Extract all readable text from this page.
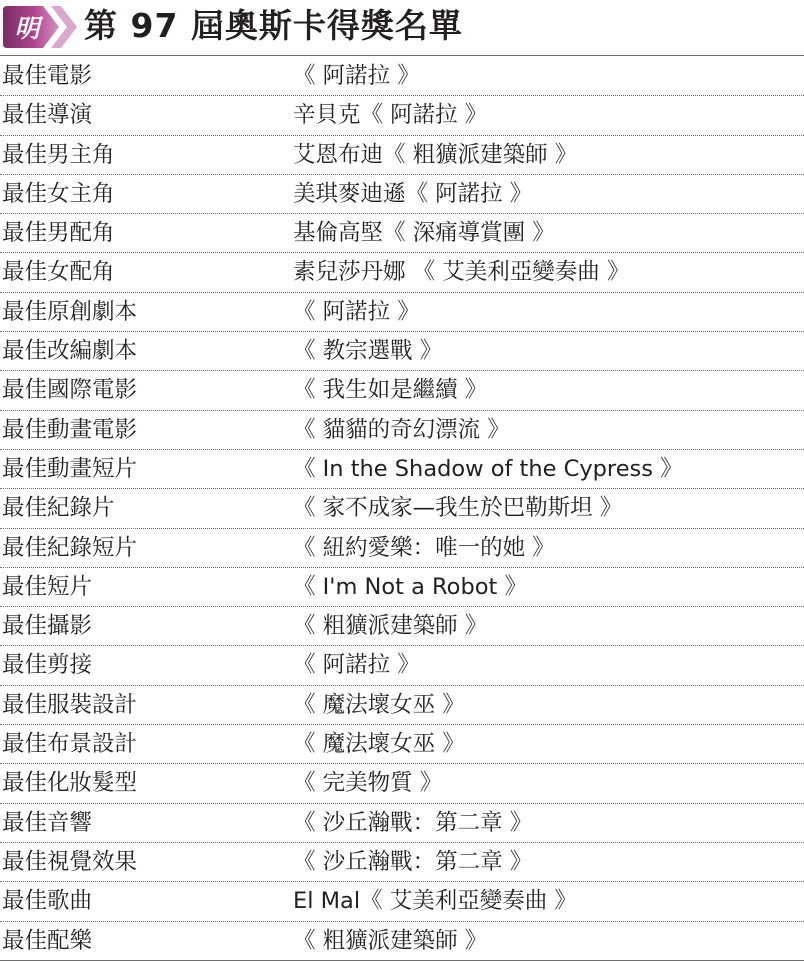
明 第 97 屆奧斯卡得獎名單
最佳電影	《 阿諾拉 》
最佳導演	辛貝克《 阿諾拉 》
最佳男主角	艾恩布迪《 粗獷派建築師 》
最佳女主角	美琪麥迪遜《 阿諾拉 》
最佳男配角	基倫高堅《 深痛導賞團 》
最佳女配角	素兒莎丹娜 《 艾美利亞變奏曲 》
最佳原創劇本	《 阿諾拉 》
最佳改編劇本	《 教宗選戰 》
最佳國際電影	《 我生如是繼續 》
最佳動畫電影	《 貓貓的奇幻漂流 》
最佳動畫短片	《 In the Shadow of the Cypress 》
最佳紀錄片	《 家不成家—我生於巴勒斯坦 》
最佳紀錄短片	《 紐約愛樂：唯一的她 》
最佳短片	《 I'm Not a Robot 》
最佳攝影	《 粗獷派建築師 》
最佳剪接	《 阿諾拉 》
最佳服裝設計	《 魔法壞女巫 》
最佳布景設計	《 魔法壞女巫 》
最佳化妝髮型	《 完美物質 》
最佳音響	《 沙丘瀚戰：第二章 》
最佳視覺效果	《 沙丘瀚戰：第二章 》
最佳歌曲	El Mal《 艾美利亞變奏曲 》
最佳配樂	《 粗獷派建築師 》
